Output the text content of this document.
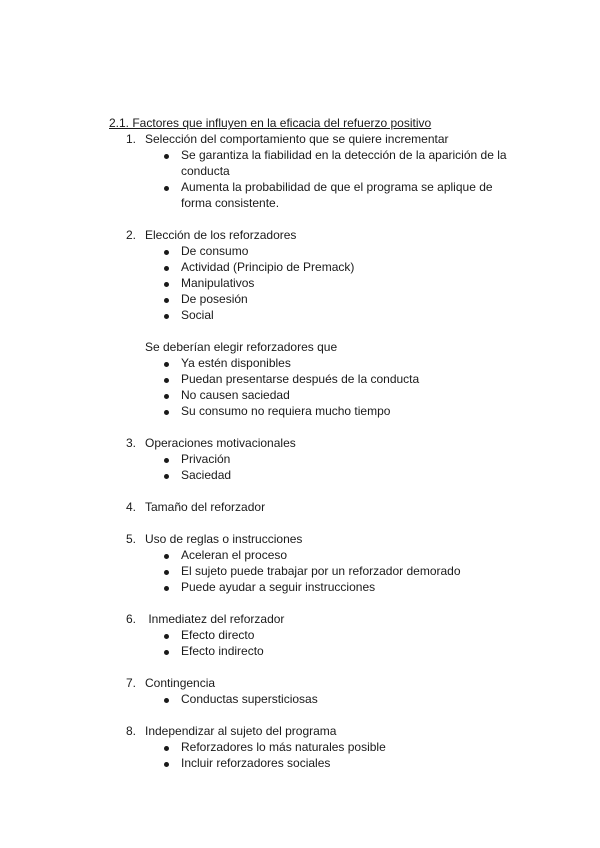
2.1. Factores que influyen en la eficacia del refuerzo positivo
1. Selección del comportamiento que se quiere incrementar
Se garantiza la fiabilidad en la detección de la aparición de la
conducta
Aumenta la probabilidad de que el programa se aplique de
forma consistente.
2. Elección de los reforzadores
De consumo
Actividad (Principio de Premack)
Manipulativos
De posesión
Social
Se deberían elegir reforzadores que
Ya estén disponibles
Puedan presentarse después de la conducta
No causen saciedad
Su consumo no requiera mucho tiempo
3. Operaciones motivacionales
Privación
Saciedad
4. Tamaño del reforzador
5. Uso de reglas o instrucciones
Aceleran el proceso
El sujeto puede trabajar por un reforzador demorado
Puede ayudar a seguir instrucciones
6. Inmediatez del reforzador
Efecto directo
Efecto indirecto
7. Contingencia
Conductas supersticiosas
8. Independizar al sujeto del programa
Reforzadores lo más naturales posible
Incluir reforzadores sociales
